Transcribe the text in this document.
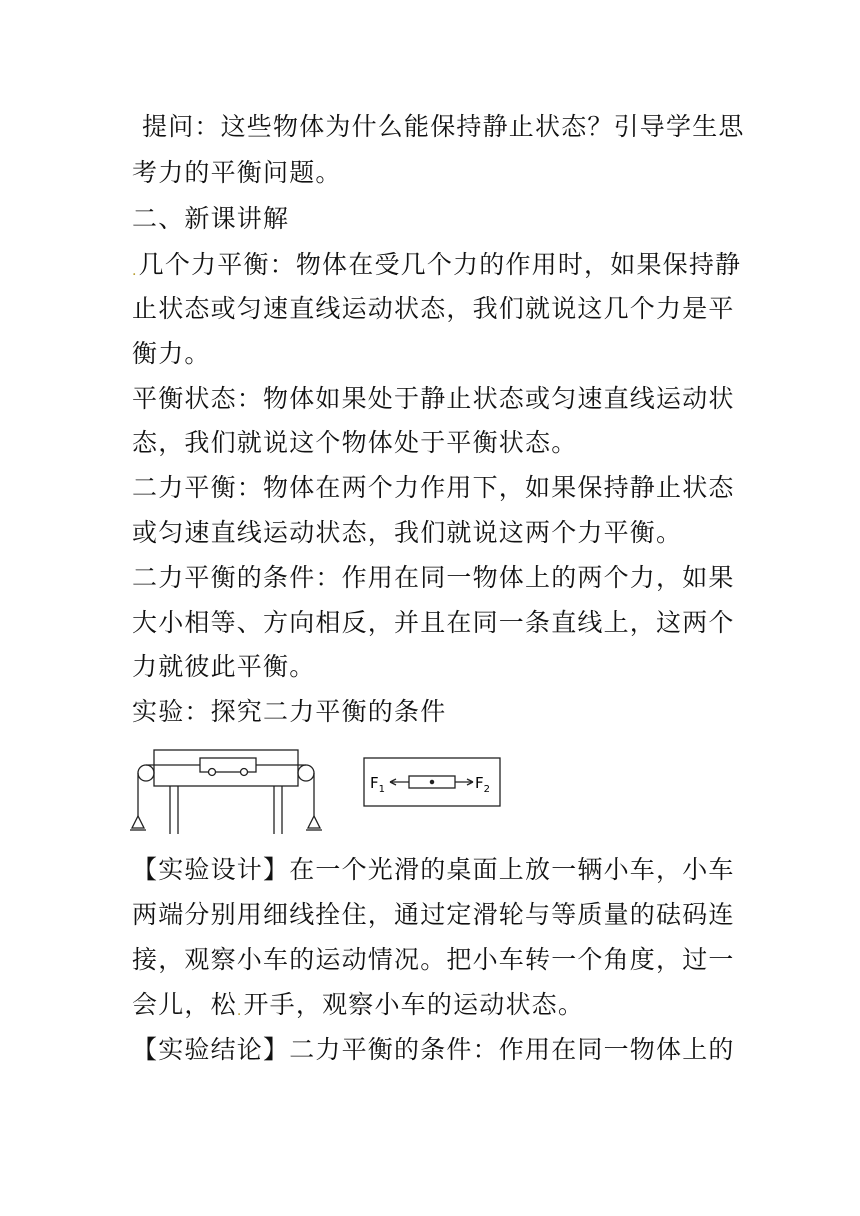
提问：这些物体为什么能保持静止状态？引导学生思
考力的平衡问题。
二、新课讲解
.几个力平衡：物体在受几个力的作用时，如果保持静
止状态或匀速直线运动状态，我们就说这几个力是平
衡力。
平衡状态：物体如果处于静止状态或匀速直线运动状
态，我们就说这个物体处于平衡状态。
二力平衡：物体在两个力作用下，如果保持静止状态
或匀速直线运动状态，我们就说这两个力平衡。
二力平衡的条件：作用在同一物体上的两个力，如果
大小相等、方向相反，并且在同一条直线上，这两个
力就彼此平衡。
实验：探究二力平衡的条件
$F_1$	$F_2$
【实验设计】在一个光滑的桌面上放一辆小车，小车
两端分别用细线拴住，通过定滑轮与等质量的砝码连
接，观察小车的运动情况。把小车转一个角度，过一
会儿，松.开手，观察小车的运动状态。
【实验结论】二力平衡的条件：作用在同一物体上的
